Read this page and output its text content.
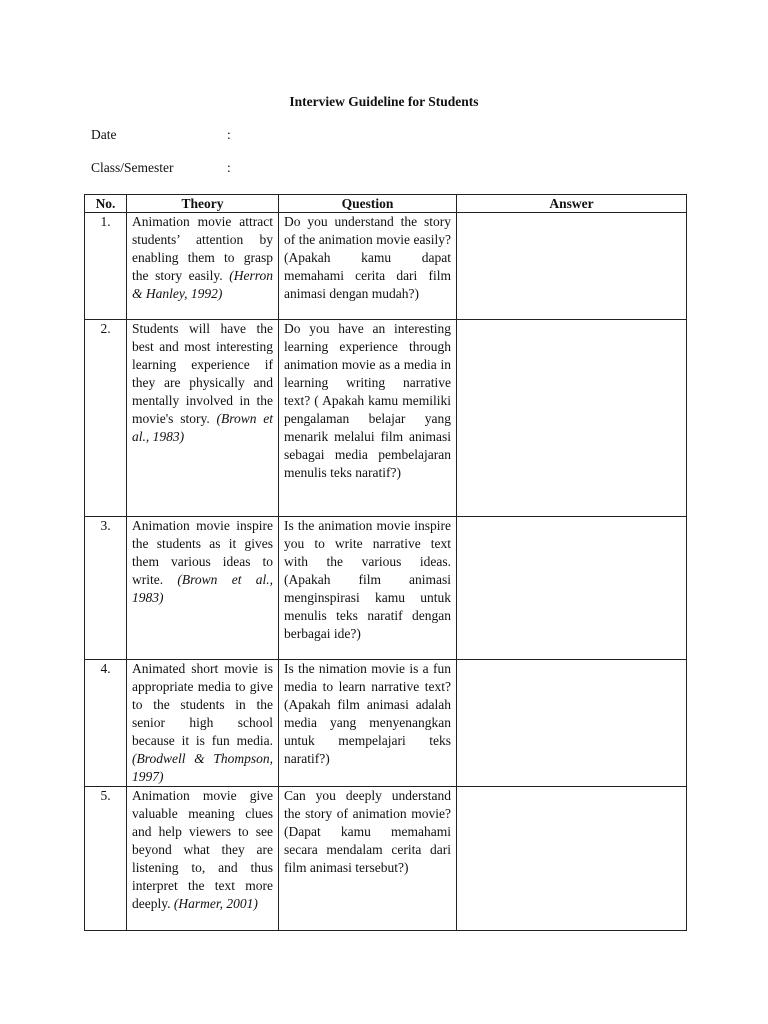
Interview Guideline for Students
Date	:
Class/Semester	:
No.	Theory	Question	Answer
1.	Animation movie attract students’ attention by enabling them to grasp the story easily. (Herron & Hanley, 1992)	Do you understand the story of the animation movie easily? (Apakah kamu dapat memahami cerita dari film animasi dengan mudah?)	
2.	Students will have the best and most interesting learning experience if they are physically and mentally involved in the movie's story. (Brown et al., 1983)	Do you have an interesting learning experience through animation movie as a media in learning writing narrative text? ( Apakah kamu memiliki pengalaman belajar yang menarik melalui film animasi sebagai media pembelajaran menulis teks naratif?)	
3.	Animation movie inspire the students as it gives them various ideas to write. (Brown et al., 1983)	Is the animation movie inspire you to write narrative text with the various ideas. (Apakah film animasi menginspirasi kamu untuk menulis teks naratif dengan berbagai ide?)	
4.	Animated short movie is appropriate media to give to the students in the senior high school because it is fun media. (Brodwell & Thompson, 1997)	Is the nimation movie is a fun media to learn narrative text? (Apakah film animasi adalah media yang menyenangkan untuk mempelajari teks naratif?)	
5.	Animation movie give valuable meaning clues and help viewers to see beyond what they are listening to, and thus interpret the text more deeply. (Harmer, 2001)	Can you deeply understand the story of animation movie? (Dapat kamu memahami secara mendalam cerita dari film animasi tersebut?)	
